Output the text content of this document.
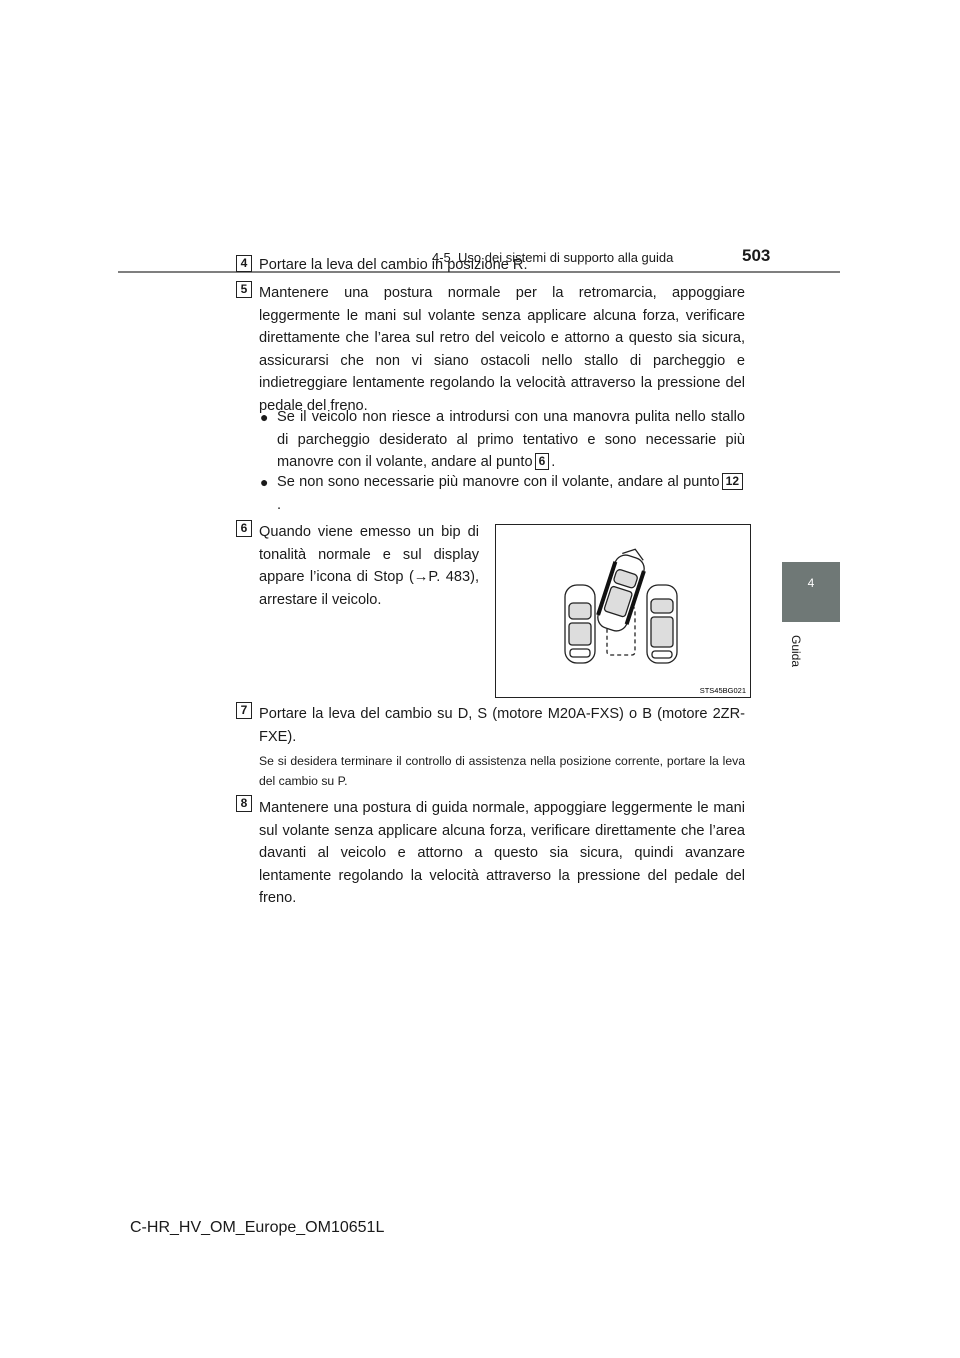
4-5. Uso dei sistemi di supporto alla guida	503
4
Guida
4 Portare la leva del cambio in posizione R.
5 Mantenere una postura normale per la retromarcia, appoggiare leggermente le mani sul volante senza applicare alcuna forza, verificare direttamente che l’area sul retro del veicolo e attorno a questo sia sicura, assicurarsi che non vi siano ostacoli nello stallo di parcheggio e indietreggiare lentamente regolando la velocità attraverso la pressione del pedale del freno.
● Se il veicolo non riesce a introdursi con una manovra pulita nello stallo di parcheggio desiderato al primo tentativo e sono necessarie più manovre con il volante, andare al punto 6 .
● Se non sono necessarie più manovre con il volante, andare al punto 12.
6 Quando viene emesso un bip di tonalità normale e sul display appare l’icona di Stop (→P. 483), arrestare il veicolo.
STS45BG021
7 Portare la leva del cambio su D, S (motore M20A-FXS) o B (motore 2ZR-FXE).
Se si desidera terminare il controllo di assistenza nella posizione corrente, portare la leva del cambio su P.
8 Mantenere una postura di guida normale, appoggiare leggermente le mani sul volante senza applicare alcuna forza, verificare direttamente che l’area davanti al veicolo e attorno a questo sia sicura, quindi avanzare lentamente regolando la velocità attraverso la pressione del pedale del freno.
C-HR_HV_OM_Europe_OM10651L
